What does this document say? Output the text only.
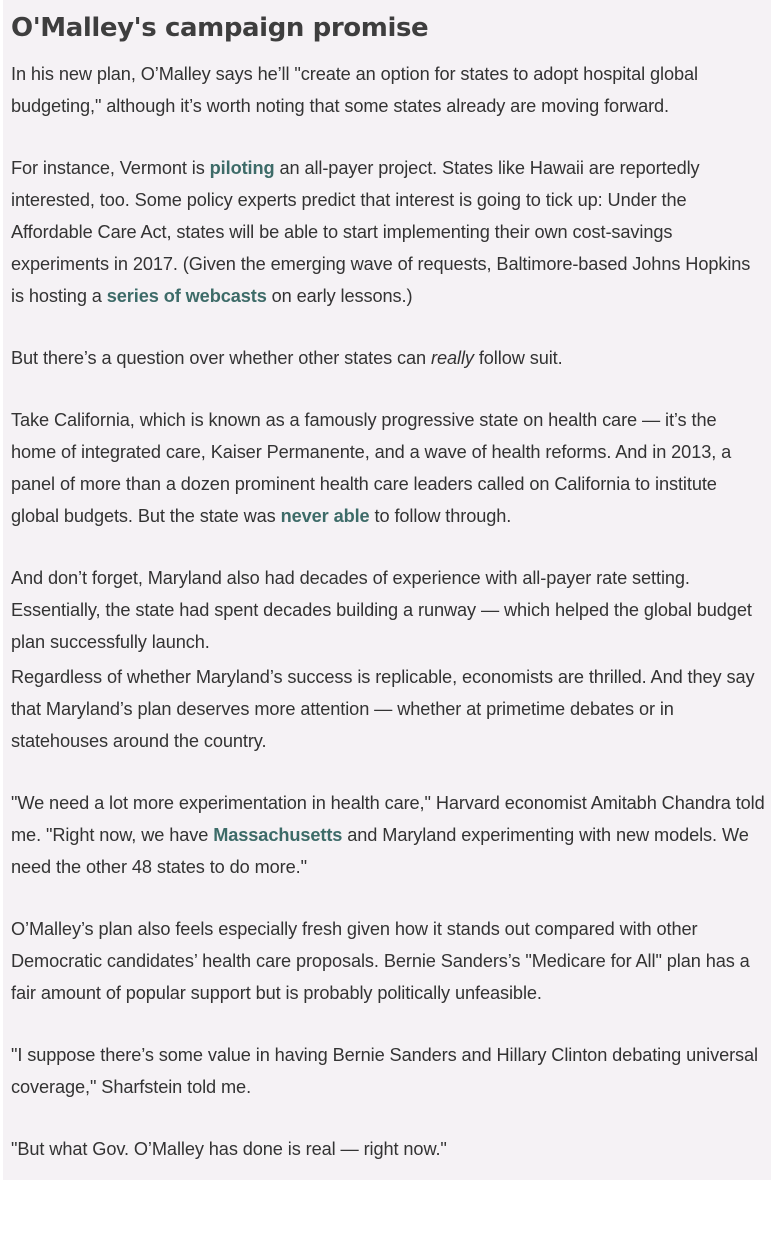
O'Malley's campaign promise

In his new plan, O’Malley says he’ll "create an option for states to adopt hospital global budgeting," although it’s worth noting that some states already are moving forward.

For instance, Vermont is piloting an all-payer project. States like Hawaii are reportedly interested, too. Some policy experts predict that interest is going to tick up: Under the Affordable Care Act, states will be able to start implementing their own cost-savings experiments in 2017. (Given the emerging wave of requests, Baltimore-based Johns Hopkins is hosting a series of webcasts on early lessons.)

But there’s a question over whether other states can really follow suit.

Take California, which is known as a famously progressive state on health care — it’s the home of integrated care, Kaiser Permanente, and a wave of health reforms. And in 2013, a panel of more than a dozen prominent health care leaders called on California to institute global budgets. But the state was never able to follow through.

And don’t forget, Maryland also had decades of experience with all-payer rate setting. Essentially, the state had spent decades building a runway — which helped the global budget plan successfully launch.

Regardless of whether Maryland’s success is replicable, economists are thrilled. And they say that Maryland’s plan deserves more attention — whether at primetime debates or in statehouses around the country.

"We need a lot more experimentation in health care," Harvard economist Amitabh Chandra told me. "Right now, we have Massachusetts and Maryland experimenting with new models. We need the other 48 states to do more."

O’Malley’s plan also feels especially fresh given how it stands out compared with other Democratic candidates’ health care proposals. Bernie Sanders’s "Medicare for All" plan has a fair amount of popular support but is probably politically unfeasible.

"I suppose there’s some value in having Bernie Sanders and Hillary Clinton debating universal coverage," Sharfstein told me.

"But what Gov. O’Malley has done is real — right now."
